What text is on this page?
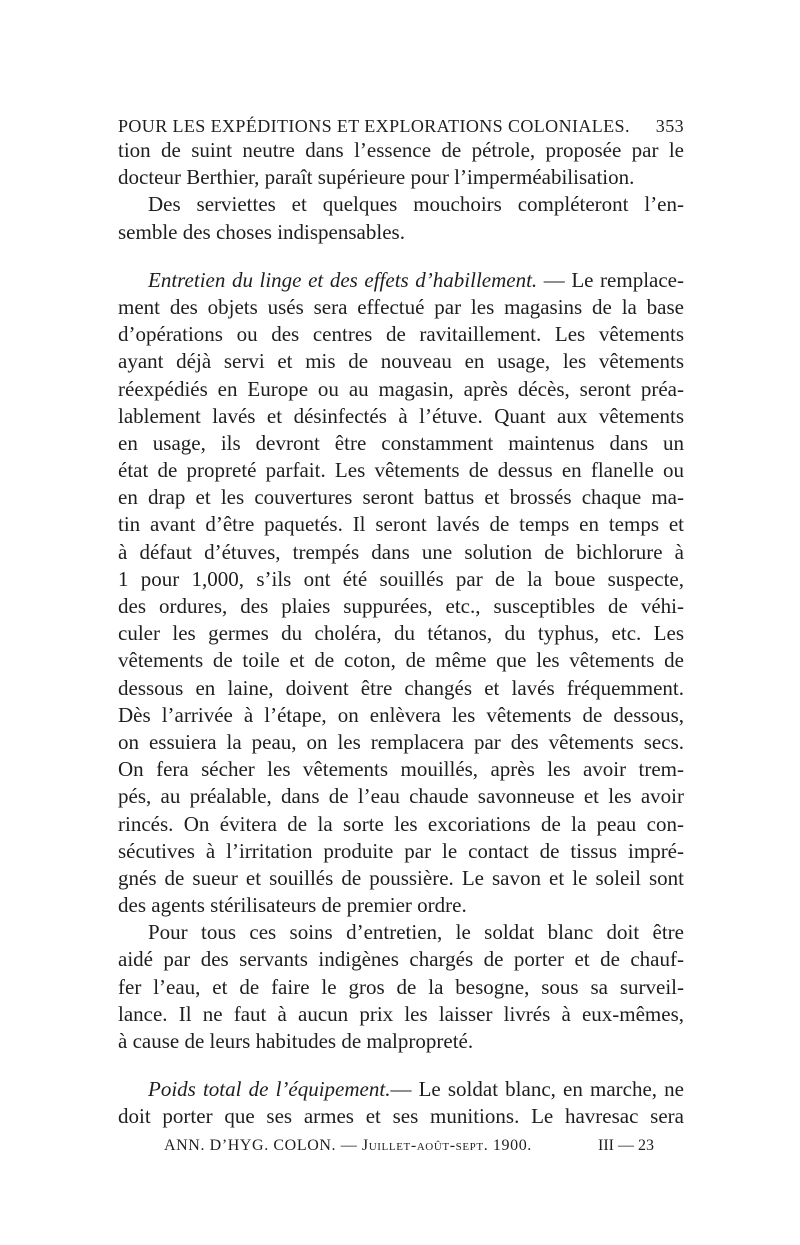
POUR LES EXPÉDITIONS ET EXPLORATIONS COLONIALES. 353
tion de suint neutre dans l’essence de pétrole, proposée par le
docteur Berthier, paraît supérieure pour l’imperméabilisation.
Des serviettes et quelques mouchoirs compléteront l’en-
semble des choses indispensables.
Entretien du linge et des effets d’habillement. — Le remplace-
ment des objets usés sera effectué par les magasins de la base
d’opérations ou des centres de ravitaillement. Les vêtements
ayant déjà servi et mis de nouveau en usage, les vêtements
réexpédiés en Europe ou au magasin, après décès, seront préa-
lablement lavés et désinfectés à l’étuve. Quant aux vêtements
en usage, ils devront être constamment maintenus dans un
état de propreté parfait. Les vêtements de dessus en flanelle ou
en drap et les couvertures seront battus et brossés chaque ma-
tin avant d’être paquetés. Il seront lavés de temps en temps et
à défaut d’étuves, trempés dans une solution de bichlorure à
1 pour 1,000, s’ils ont été souillés par de la boue suspecte,
des ordures, des plaies suppurées, etc., susceptibles de véhi-
culer les germes du choléra, du tétanos, du typhus, etc. Les
vêtements de toile et de coton, de même que les vêtements de
dessous en laine, doivent être changés et lavés fréquemment.
Dès l’arrivée à l’étape, on enlèvera les vêtements de dessous,
on essuiera la peau, on les remplacera par des vêtements secs.
On fera sécher les vêtements mouillés, après les avoir trem-
pés, au préalable, dans de l’eau chaude savonneuse et les avoir
rincés. On évitera de la sorte les excoriations de la peau con-
sécutives à l’irritation produite par le contact de tissus impré-
gnés de sueur et souillés de poussière. Le savon et le soleil sont
des agents stérilisateurs de premier ordre.
Pour tous ces soins d’entretien, le soldat blanc doit être
aidé par des servants indigènes chargés de porter et de chauf-
fer l’eau, et de faire le gros de la besogne, sous sa surveil-
lance. Il ne faut à aucun prix les laisser livrés à eux-mêmes,
à cause de leurs habitudes de malpropreté.
Poids total de l’équipement.— Le soldat blanc, en marche, ne
doit porter que ses armes et ses munitions. Le havresac sera
ANN. D’HYG. COLON. — Juillet-août-sept. 1900.	III — 23
